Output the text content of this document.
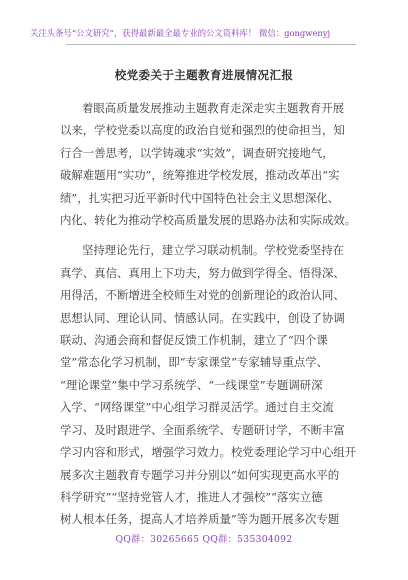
关注头条号“公文研究”，获得最新最全最专业的公文资料库！ 微信：gongwenyj
校党委关于主题教育进展情况汇报
着眼高质量发展推动主题教育走深走实主题教育开展
以来，学校党委以高度的政治自觉和强烈的使命担当，知
行合一善思考，以学铸魂求“实效”，调查研究接地气，
破解难题用“实功”，统筹推进学校发展，推动改革出“实
绩”，扎实把习近平新时代中国特色社会主义思想深化、
内化、转化为推动学校高质量发展的思路办法和实际成效。
坚持理论先行，建立学习联动机制。学校党委坚持在
真学、真信、真用上下功夫，努力做到学得全、悟得深、
用得活，不断增进全校师生对党的创新理论的政治认同、
思想认同、理论认同、情感认同。在实践中，创设了协调
联动、沟通会商和督促反馈工作机制，建立了“四个课
堂”常态化学习机制，即“专家课堂”专家辅导重点学、
“理论课堂”集中学习系统学、“一线课堂”专题调研深
入学、“网络课堂”中心组学习群灵活学。通过自主交流
学习、及时跟进学、全面系统学、专题研讨学，不断丰富
学习内容和形式，增强学习效力。校党委理论学习中心组开
展多次主题教育专题学习并分别以“如何实现更高水平的
科学研究”“坚持党管人才，推进人才强校”“落实立德
树人根本任务，提高人才培养质量”等为题开展多次专题
QQ群：30265665 QQ群：535304092
